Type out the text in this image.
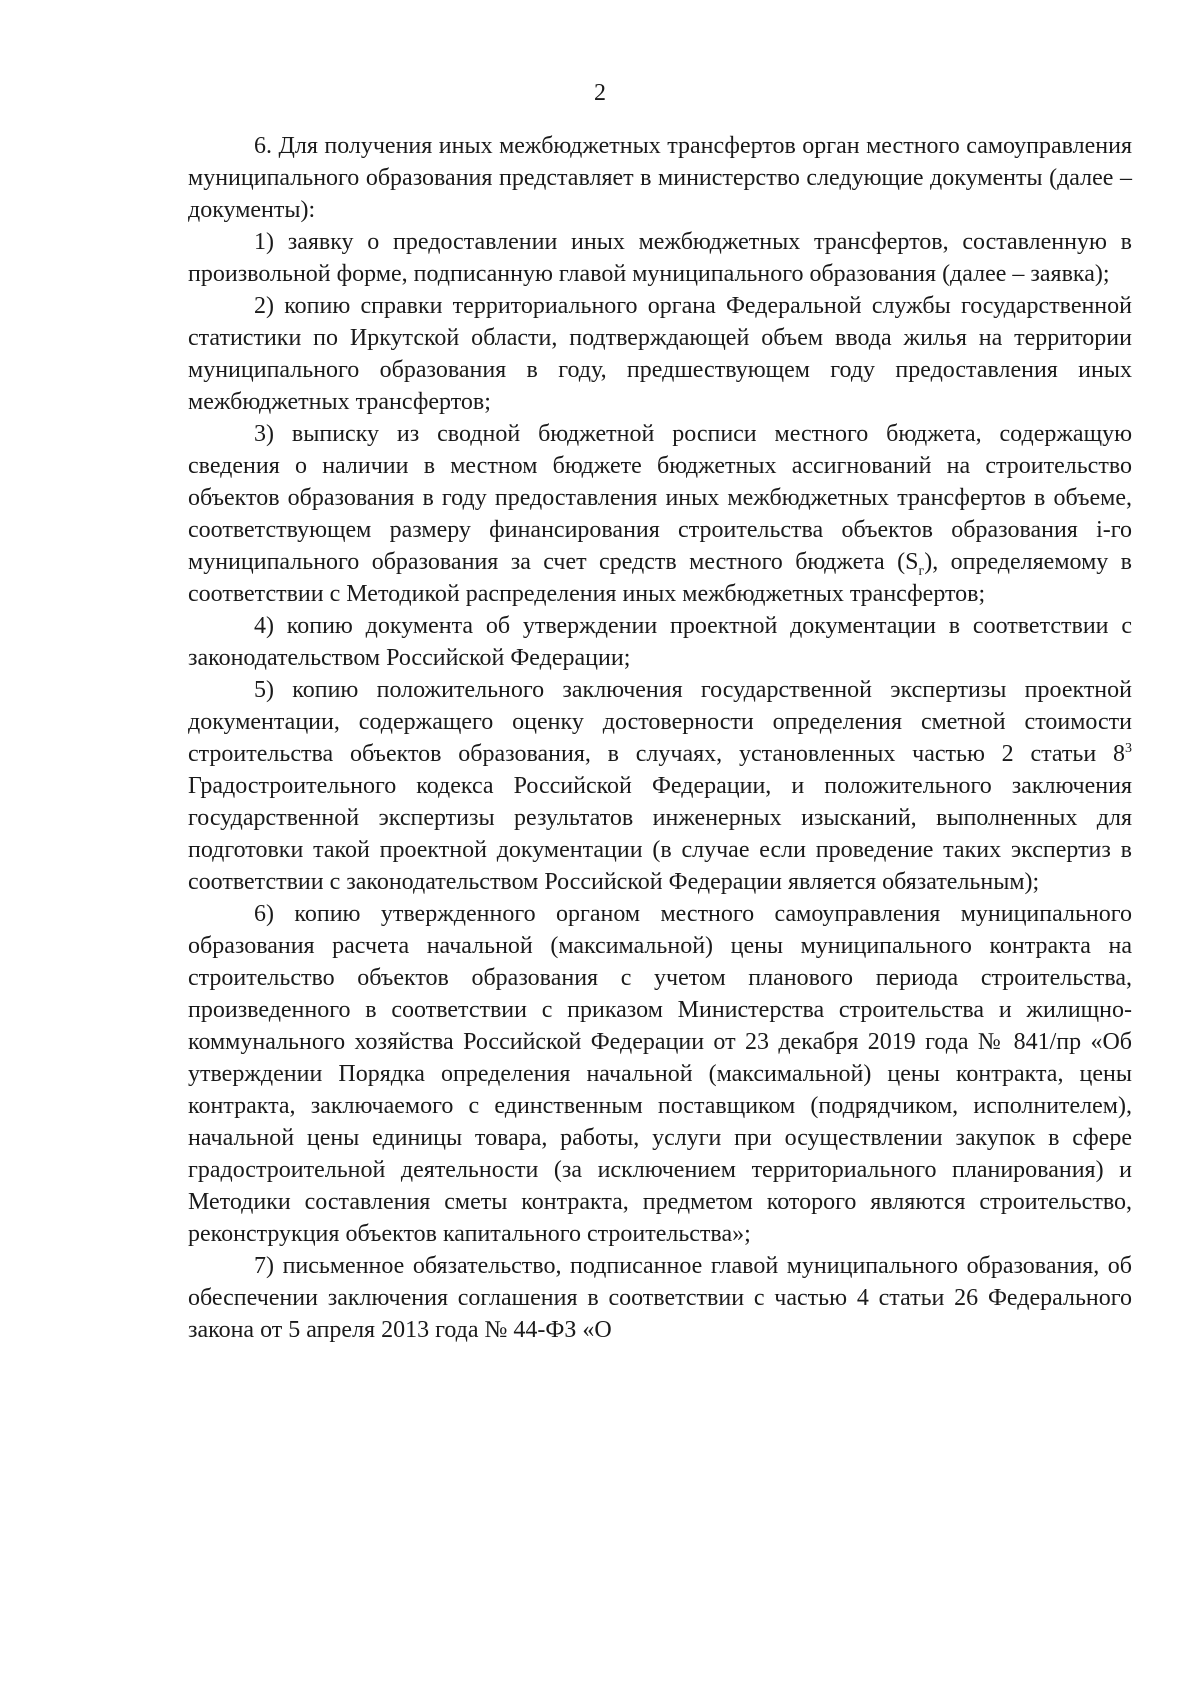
2

6. Для получения иных межбюджетных трансфертов орган местного самоуправления муниципального образования представляет в министерство следующие документы (далее – документы):

1) заявку о предоставлении иных межбюджетных трансфертов, составленную в произвольной форме, подписанную главой муниципального образования (далее – заявка);

2) копию справки территориального органа Федеральной службы государственной статистики по Иркутской области, подтверждающей объем ввода жилья на территории муниципального образования в году, предшествующем году предоставления иных межбюджетных трансфертов;

3) выписку из сводной бюджетной росписи местного бюджета, содержащую сведения о наличии в местном бюджете бюджетных ассигнований на строительство объектов образования в году предоставления иных межбюджетных трансфертов в объеме, соответствующем размеру финансирования строительства объектов образования i-го муниципального образования за счет средств местного бюджета $(S_г)$, определяемому в соответствии с Методикой распределения иных межбюджетных трансфертов;

4) копию документа об утверждении проектной документации в соответствии с законодательством Российской Федерации;

5) копию положительного заключения государственной экспертизы проектной документации, содержащего оценку достоверности определения сметной стоимости строительства объектов образования, в случаях, установленных частью 2 статьи $8^3$ Градостроительного кодекса Российской Федерации, и положительного заключения государственной экспертизы результатов инженерных изысканий, выполненных для подготовки такой проектной документации (в случае если проведение таких экспертиз в соответствии с законодательством Российской Федерации является обязательным);

6) копию утвержденного органом местного самоуправления муниципального образования расчета начальной (максимальной) цены муниципального контракта на строительство объектов образования с учетом планового периода строительства, произведенного в соответствии с приказом Министерства строительства и жилищно-коммунального хозяйства Российской Федерации от 23 декабря 2019 года № 841/пр «Об утверждении Порядка определения начальной (максимальной) цены контракта, цены контракта, заключаемого с единственным поставщиком (подрядчиком, исполнителем), начальной цены единицы товара, работы, услуги при осуществлении закупок в сфере градостроительной деятельности (за исключением территориального планирования) и Методики составления сметы контракта, предметом которого являются строительство, реконструкция объектов капитального строительства»;

7) письменное обязательство, подписанное главой муниципального образования, об обеспечении заключения соглашения в соответствии с частью 4 статьи 26 Федерального закона от 5 апреля 2013 года № 44-ФЗ «О
